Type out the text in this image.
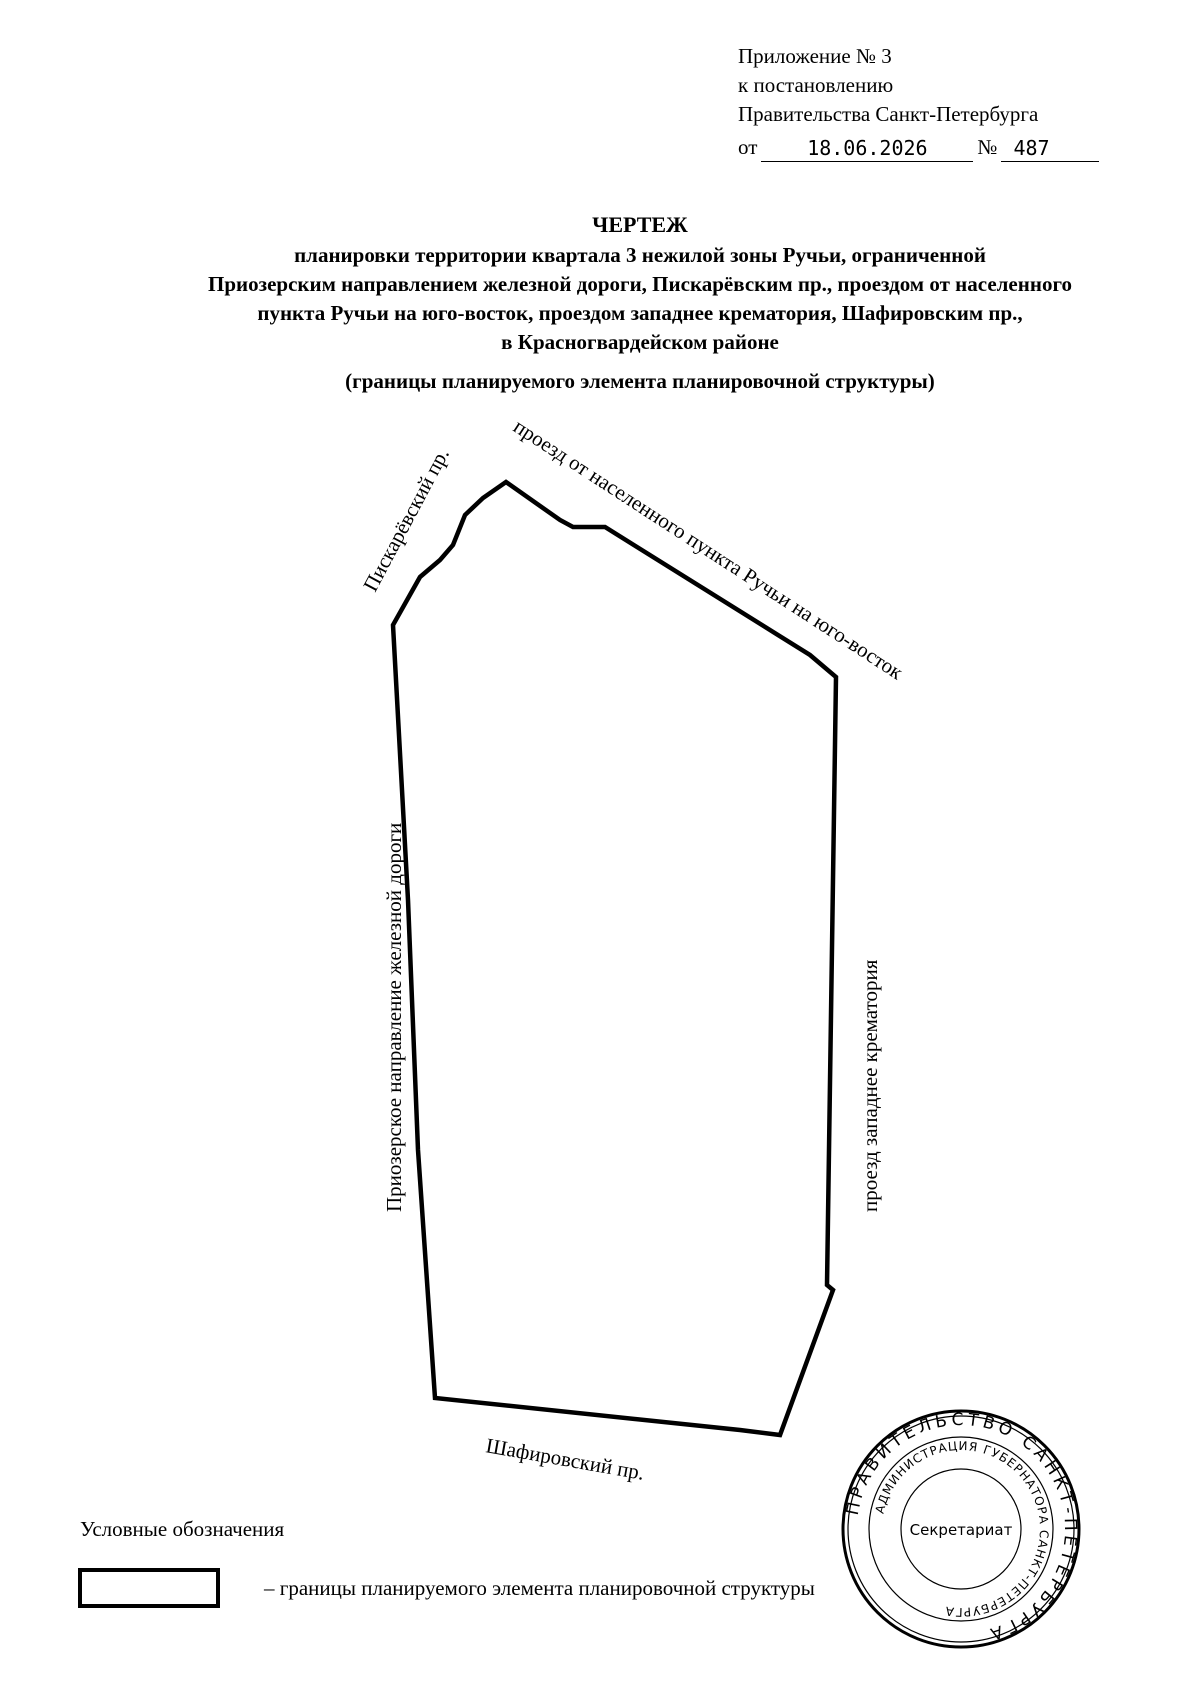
Приложение № 3
к постановлению
Правительства Санкт-Петербурга
от	18.06.2026	№ 487
ЧЕРТЕЖ
планировки территории квартала 3 нежилой зоны Ручьи, ограниченной
Приозерским направлением железной дороги, Пискарёвским пр., проездом от населенного
пункта Ручьи на юго-восток, проездом западнее крематория, Шафировским пр.,
в Красногвардейском районе
(границы планируемого элемента планировочной структуры)
Пискарёвский пр.	проезд от населенного пункта Ручьи на юго-восток
Приозерское направление железной дороги	проезд западнее крематория
Шафировский пр.
ПРАВИТЕЛЬСТВО САНКТ-ПЕТЕРБУРГА
АДМИНИСТРАЦИЯ ГУБЕРНАТОРА САНКТ-ПЕТЕРБУРГА
Секретариат
Условные обозначения
– границы планируемого элемента планировочной структуры
